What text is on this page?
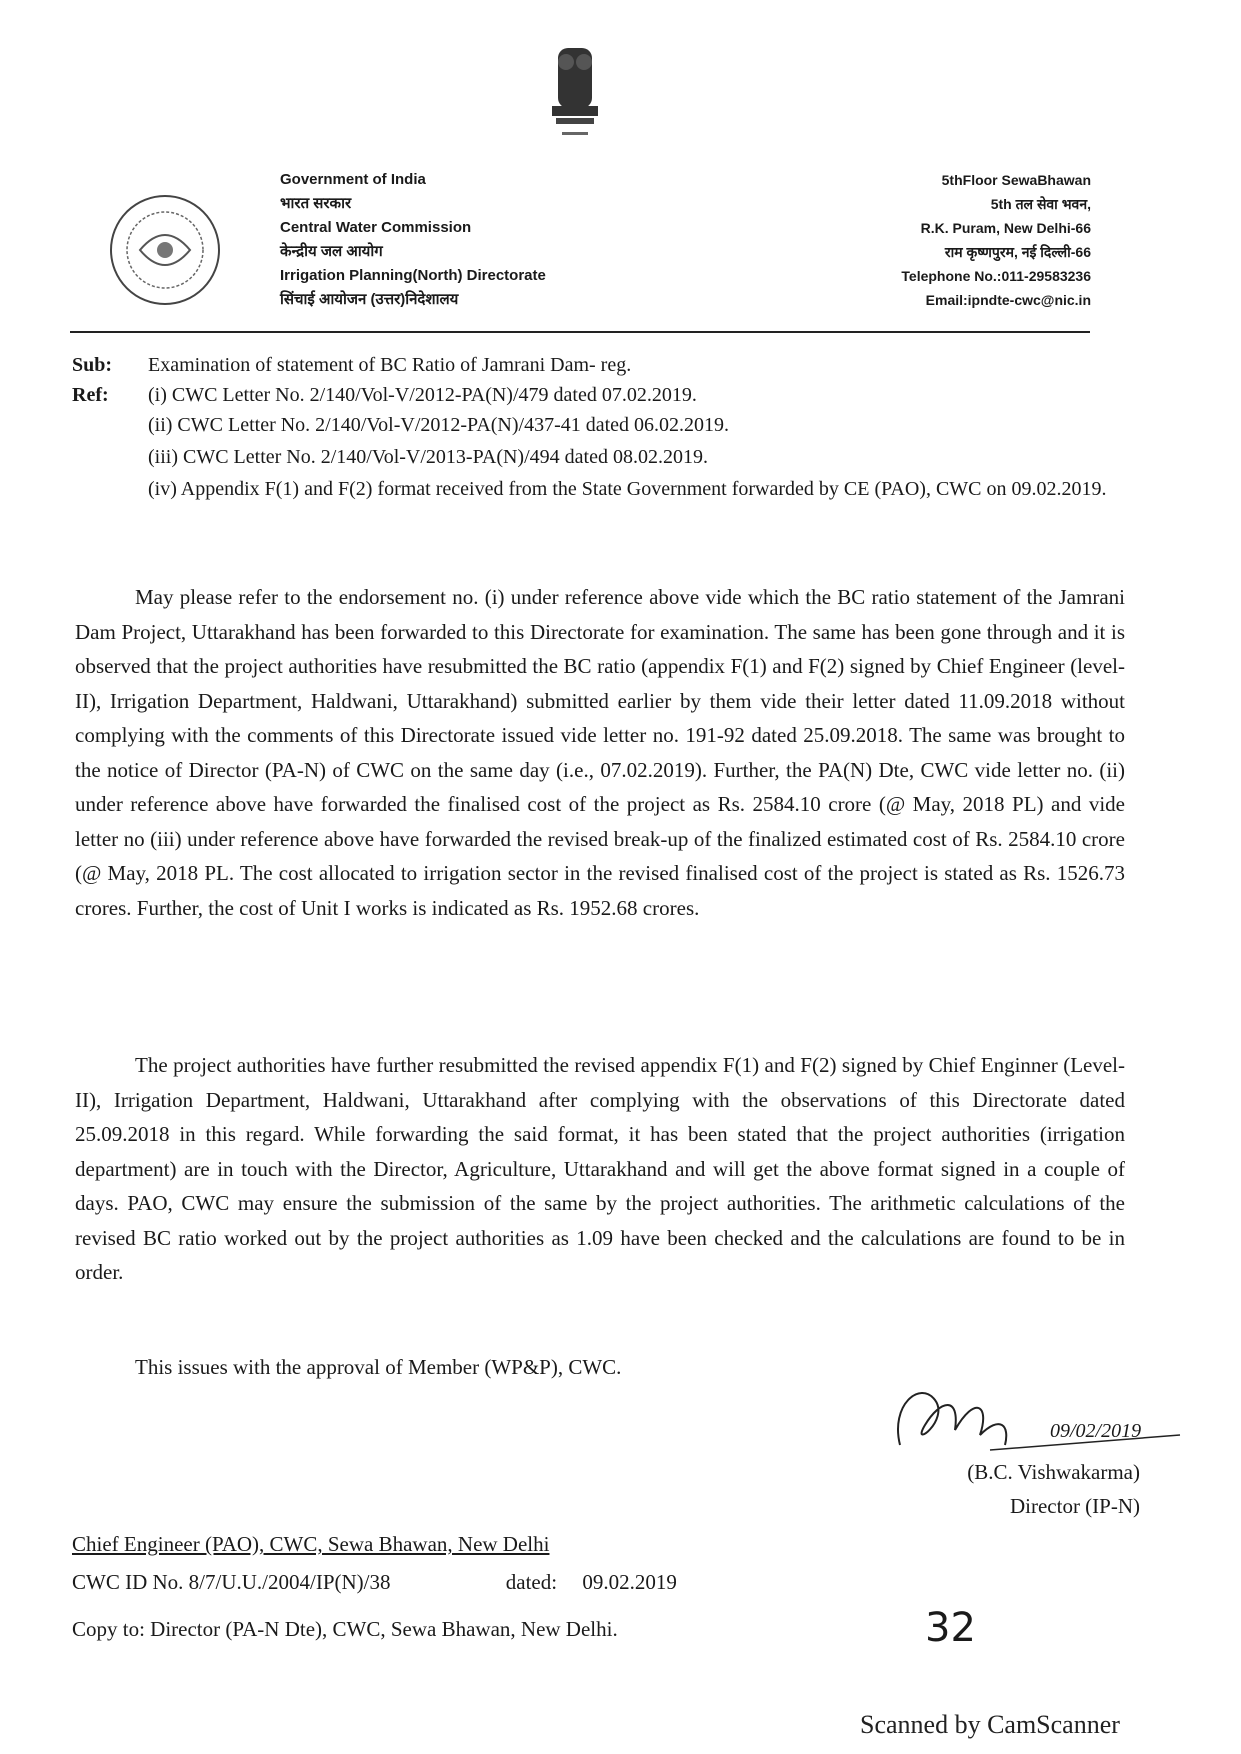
Government of India
भारत सरकार
Central Water Commission
केन्द्रीय जल आयोग
Irrigation Planning(North) Directorate
सिंचाई आयोजन (उत्तर)निदेशालय
5thFloor SewaBhawan
5th तल सेवा भवन,
R.K. Puram, New Delhi-66
राम कृष्णपुरम, नई दिल्ली-66
Telephone No.:011-29583236
Email:ipndte-cwc@nic.in
Sub:	Examination of statement of BC Ratio of Jamrani Dam- reg.
Ref:	(i) CWC Letter No. 2/140/Vol-V/2012-PA(N)/479 dated 07.02.2019.
(ii) CWC Letter No. 2/140/Vol-V/2012-PA(N)/437-41 dated 06.02.2019.
(iii) CWC Letter No. 2/140/Vol-V/2013-PA(N)/494 dated 08.02.2019.
(iv) Appendix F(1) and F(2) format received from the State Government forwarded by CE (PAO), CWC on 09.02.2019.
May please refer to the endorsement no. (i) under reference above vide which the BC ratio statement of the Jamrani Dam Project, Uttarakhand has been forwarded to this Directorate for examination. The same has been gone through and it is observed that the project authorities have resubmitted the BC ratio (appendix F(1) and F(2) signed by Chief Engineer (level- II), Irrigation Department, Haldwani, Uttarakhand) submitted earlier by them vide their letter dated 11.09.2018 without complying with the comments of this Directorate issued vide letter no. 191-92 dated 25.09.2018. The same was brought to the notice of Director (PA-N) of CWC on the same day (i.e., 07.02.2019). Further, the PA(N) Dte, CWC vide letter no. (ii) under reference above have forwarded the finalised cost of the project as Rs. 2584.10 crore (@ May, 2018 PL) and vide letter no (iii) under reference above have forwarded the revised break-up of the finalized estimated cost of Rs. 2584.10 crore (@ May, 2018 PL. The cost allocated to irrigation sector in the revised finalised cost of the project is stated as Rs. 1526.73 crores. Further, the cost of Unit I works is indicated as Rs. 1952.68 crores.
The project authorities have further resubmitted the revised appendix F(1) and F(2) signed by Chief Enginner (Level-II), Irrigation Department, Haldwani, Uttarakhand after complying with the observations of this Directorate dated 25.09.2018 in this regard. While forwarding the said format, it has been stated that the project authorities (irrigation department) are in touch with the Director, Agriculture, Uttarakhand and will get the above format signed in a couple of days. PAO, CWC may ensure the submission of the same by the project authorities. The arithmetic calculations of the revised BC ratio worked out by the project authorities as 1.09 have been checked and the calculations are found to be in order.
This issues with the approval of Member (WP&P), CWC.
09/02/2019
(B.C. Vishwakarma)
Director (IP-N)
Chief Engineer (PAO), CWC, Sewa Bhawan, New Delhi
CWC ID No. 8/7/U.U./2004/IP(N)/38	dated: 09.02.2019
Copy to: Director (PA-N Dte), CWC, Sewa Bhawan, New Delhi.	32
Scanned by CamScanner
